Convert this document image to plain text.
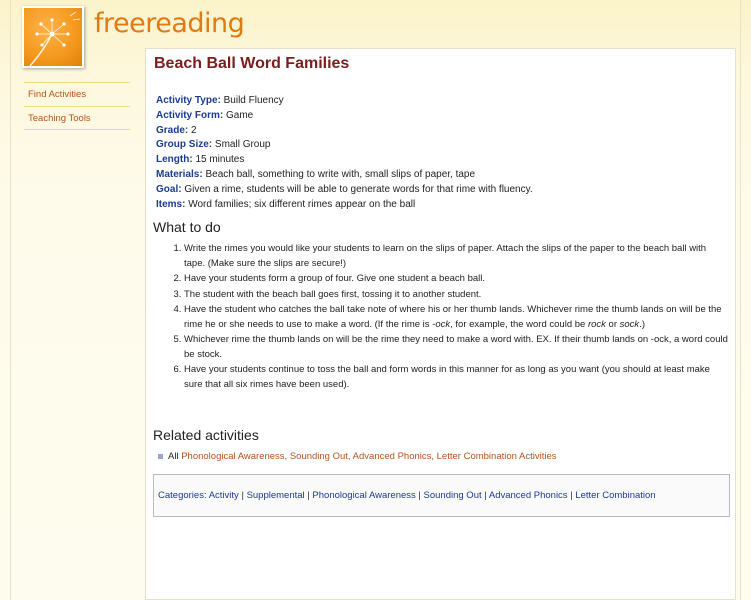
freereading
Find Activities
Teaching Tools
Beach Ball Word Families
Activity Type: Build Fluency
Activity Form: Game
Grade: 2
Group Size: Small Group
Length: 15 minutes
Materials: Beach ball, something to write with, small slips of paper, tape
Goal: Given a rime, students will be able to generate words for that rime with fluency.
Items: Word families; six different rimes appear on the ball
What to do
1. Write the rimes you would like your students to learn on the slips of paper. Attach the slips of the paper to the beach ball with tape. (Make sure the slips are secure!)
2. Have your students form a group of four. Give one student a beach ball.
3. The student with the beach ball goes first, tossing it to another student.
4. Have the student who catches the ball take note of where his or her thumb lands. Whichever rime the thumb lands on will be the rime he or she needs to use to make a word. (If the rime is -ock, for example, the word could be rock or sock.)
5. Whichever rime the thumb lands on will be the rime they need to make a word with. EX. If their thumb lands on -ock, a word could be stock.
6. Have your students continue to toss the ball and form words in this manner for as long as you want (you should at least make sure that all six rimes have been used).
Related activities
All Phonological Awareness, Sounding Out, Advanced Phonics, Letter Combination Activities
Categories: Activity | Supplemental | Phonological Awareness | Sounding Out | Advanced Phonics | Letter Combination
